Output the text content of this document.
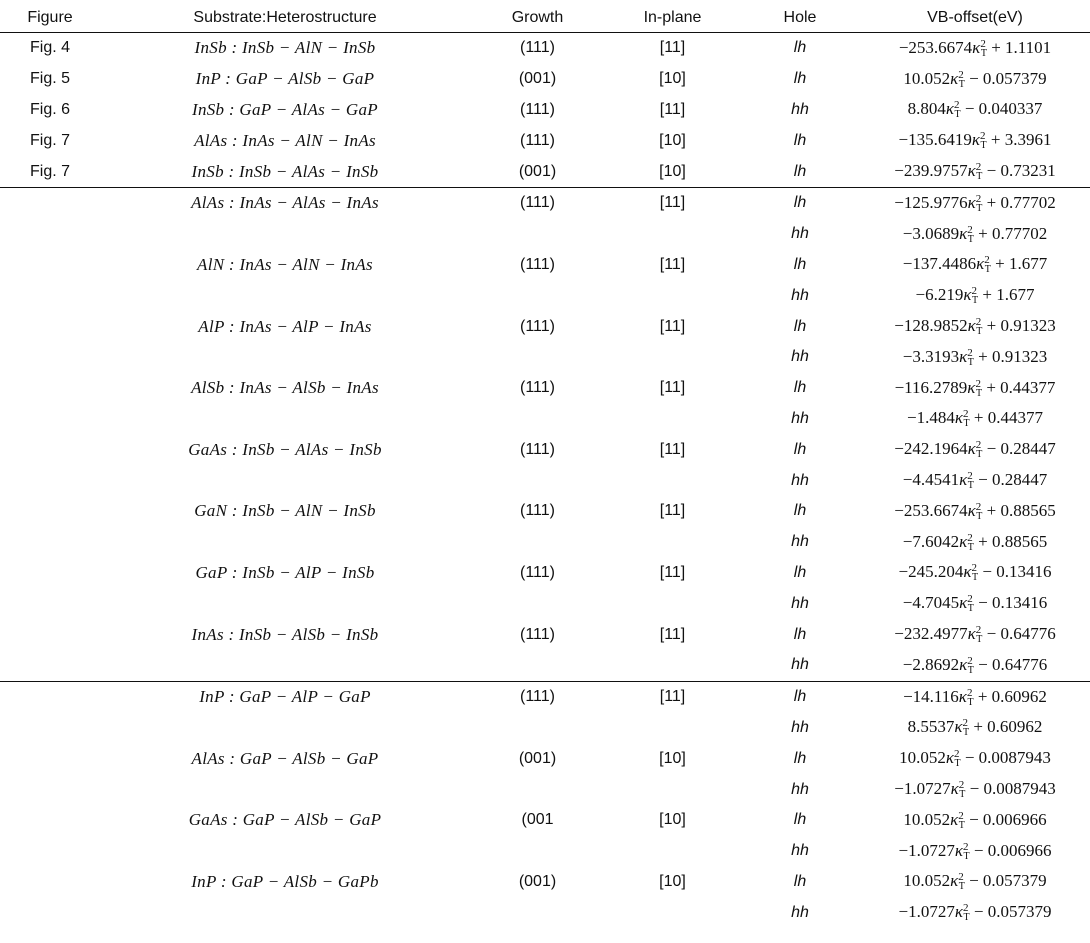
Figure	Substrate:Heterostructure	Growth	In-plane	Hole	VB-offset(eV)
Fig. 4	InSb : InSb − AlN − InSb	(111)	[11]	lh	$-253.6674\kappa^2_T + 1.1101$
Fig. 5	InP : GaP − AlSb − GaP	(001)	[10]	lh	$10.052\kappa^2_T - 0.057379$
Fig. 6	InSb : GaP − AlAs − GaP	(111)	[11]	hh	$8.804\kappa^2_T - 0.040337$
Fig. 7	AlAs : InAs − AlN − InAs	(111)	[10]	lh	$-135.6419\kappa^2_T + 3.3961$
Fig. 7	InSb : InSb − AlAs − InSb	(001)	[10]	lh	$-239.9757\kappa^2_T - 0.73231$
	AlAs : InAs − AlAs − InAs	(111)	[11]	lh	$-125.9776\kappa^2_T + 0.77702$
				hh	$-3.0689\kappa^2_T + 0.77702$
	AlN : InAs − AlN − InAs	(111)	[11]	lh	$-137.4486\kappa^2_T + 1.677$
				hh	$-6.219\kappa^2_T + 1.677$
	AlP : InAs − AlP − InAs	(111)	[11]	lh	$-128.9852\kappa^2_T + 0.91323$
				hh	$-3.3193\kappa^2_T + 0.91323$
	AlSb : InAs − AlSb − InAs	(111)	[11]	lh	$-116.2789\kappa^2_T + 0.44377$
				hh	$-1.484\kappa^2_T + 0.44377$
	GaAs : InSb − AlAs − InSb	(111)	[11]	lh	$-242.1964\kappa^2_T - 0.28447$
				hh	$-4.4541\kappa^2_T - 0.28447$
	GaN : InSb − AlN − InSb	(111)	[11]	lh	$-253.6674\kappa^2_T + 0.88565$
				hh	$-7.6042\kappa^2_T + 0.88565$
	GaP : InSb − AlP − InSb	(111)	[11]	lh	$-245.204\kappa^2_T - 0.13416$
				hh	$-4.7045\kappa^2_T - 0.13416$
	InAs : InSb − AlSb − InSb	(111)	[11]	lh	$-232.4977\kappa^2_T - 0.64776$
				hh	$-2.8692\kappa^2_T - 0.64776$
	InP : GaP − AlP − GaP	(111)	[11]	lh	$-14.116\kappa^2_T + 0.60962$
				hh	$8.5537\kappa^2_T + 0.60962$
	AlAs : GaP − AlSb − GaP	(001)	[10]	lh	$10.052\kappa^2_T - 0.0087943$
				hh	$-1.0727\kappa^2_T - 0.0087943$
	GaAs : GaP − AlSb − GaP	(001	[10]	lh	$10.052\kappa^2_T - 0.006966$
				hh	$-1.0727\kappa^2_T - 0.006966$
	InP : GaP − AlSb − GaPb	(001)	[10]	lh	$10.052\kappa^2_T - 0.057379$
				hh	$-1.0727\kappa^2_T - 0.057379$
